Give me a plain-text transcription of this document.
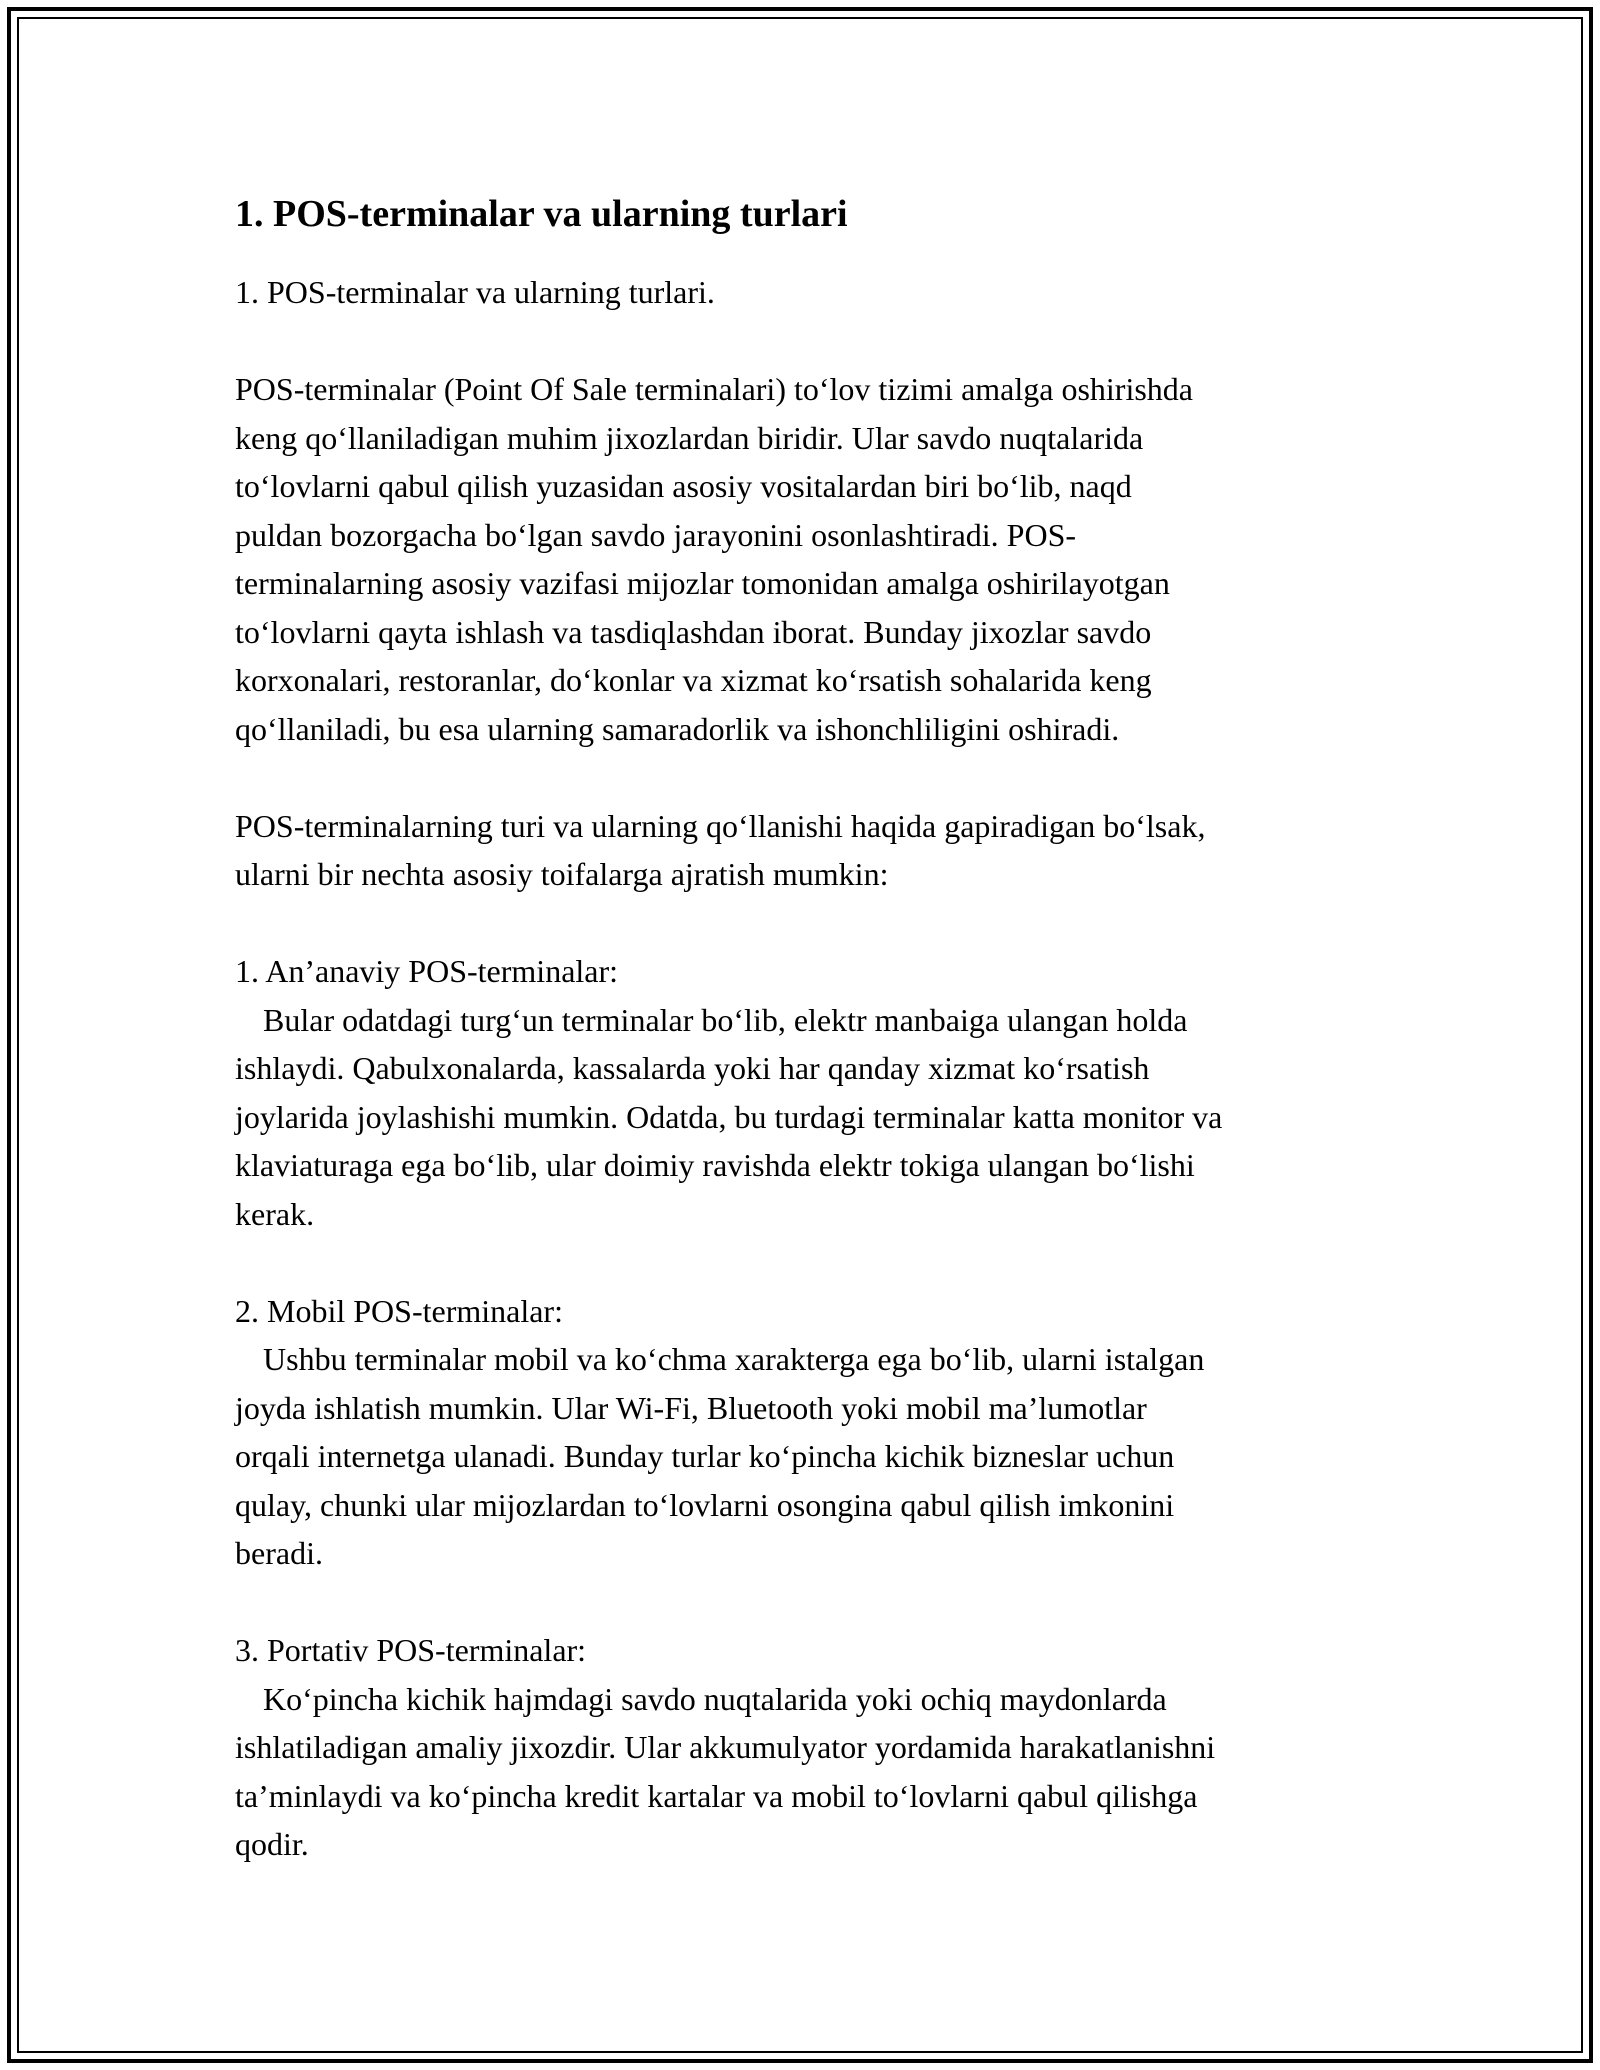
1. POS-terminalar va ularning turlari
1. POS-terminalar va ularning turlari.
POS-terminalar (Point Of Sale terminalari) to‘lov tizimi amalga oshirishda
keng qo‘llaniladigan muhim jixozlardan biridir. Ular savdo nuqtalarida
to‘lovlarni qabul qilish yuzasidan asosiy vositalardan biri bo‘lib, naqd
puldan bozorgacha bo‘lgan savdo jarayonini osonlashtiradi. POS-
terminalarning asosiy vazifasi mijozlar tomonidan amalga oshirilayotgan
to‘lovlarni qayta ishlash va tasdiqlashdan iborat. Bunday jixozlar savdo
korxonalari, restoranlar, do‘konlar va xizmat ko‘rsatish sohalarida keng
qo‘llaniladi, bu esa ularning samaradorlik va ishonchliligini oshiradi.
POS-terminalarning turi va ularning qo‘llanishi haqida gapiradigan bo‘lsak,
ularni bir nechta asosiy toifalarga ajratish mumkin:
1. An’anaviy POS-terminalar:
Bular odatdagi turg‘un terminalar bo‘lib, elektr manbaiga ulangan holda
ishlaydi. Qabulxonalarda, kassalarda yoki har qanday xizmat ko‘rsatish
joylarida joylashishi mumkin. Odatda, bu turdagi terminalar katta monitor va
klaviaturaga ega bo‘lib, ular doimiy ravishda elektr tokiga ulangan bo‘lishi
kerak.
2. Mobil POS-terminalar:
Ushbu terminalar mobil va ko‘chma xarakterga ega bo‘lib, ularni istalgan
joyda ishlatish mumkin. Ular Wi-Fi, Bluetooth yoki mobil ma’lumotlar
orqali internetga ulanadi. Bunday turlar ko‘pincha kichik bizneslar uchun
qulay, chunki ular mijozlardan to‘lovlarni osongina qabul qilish imkonini
beradi.
3. Portativ POS-terminalar:
Ko‘pincha kichik hajmdagi savdo nuqtalarida yoki ochiq maydonlarda
ishlatiladigan amaliy jixozdir. Ular akkumulyator yordamida harakatlanishni
ta’minlaydi va ko‘pincha kredit kartalar va mobil to‘lovlarni qabul qilishga
qodir.
